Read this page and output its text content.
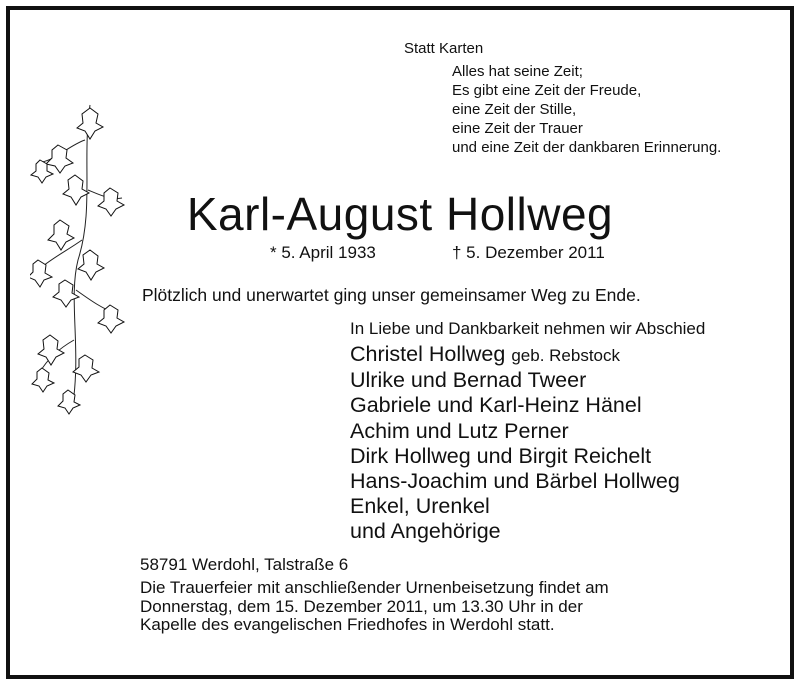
Statt Karten
Alles hat seine Zeit;
Es gibt eine Zeit der Freude,
eine Zeit der Stille,
eine Zeit der Trauer
und eine Zeit der dankbaren Erinnerung.
Karl-August Hollweg
* 5. April 1933	† 5. Dezember 2011
Plötzlich und unerwartet ging unser gemeinsamer Weg zu Ende.
In Liebe und Dankbarkeit nehmen wir Abschied
Christel Hollweg geb. Rebstock
Ulrike und Bernad Tweer
Gabriele und Karl-Heinz Hänel
Achim und Lutz Perner
Dirk Hollweg und Birgit Reichelt
Hans-Joachim und Bärbel Hollweg
Enkel, Urenkel
und Angehörige
58791 Werdohl, Talstraße 6
Die Trauerfeier mit anschließender Urnenbeisetzung findet am
Donnerstag, dem 15. Dezember 2011, um 13.30 Uhr in der
Kapelle des evangelischen Friedhofes in Werdohl statt.
